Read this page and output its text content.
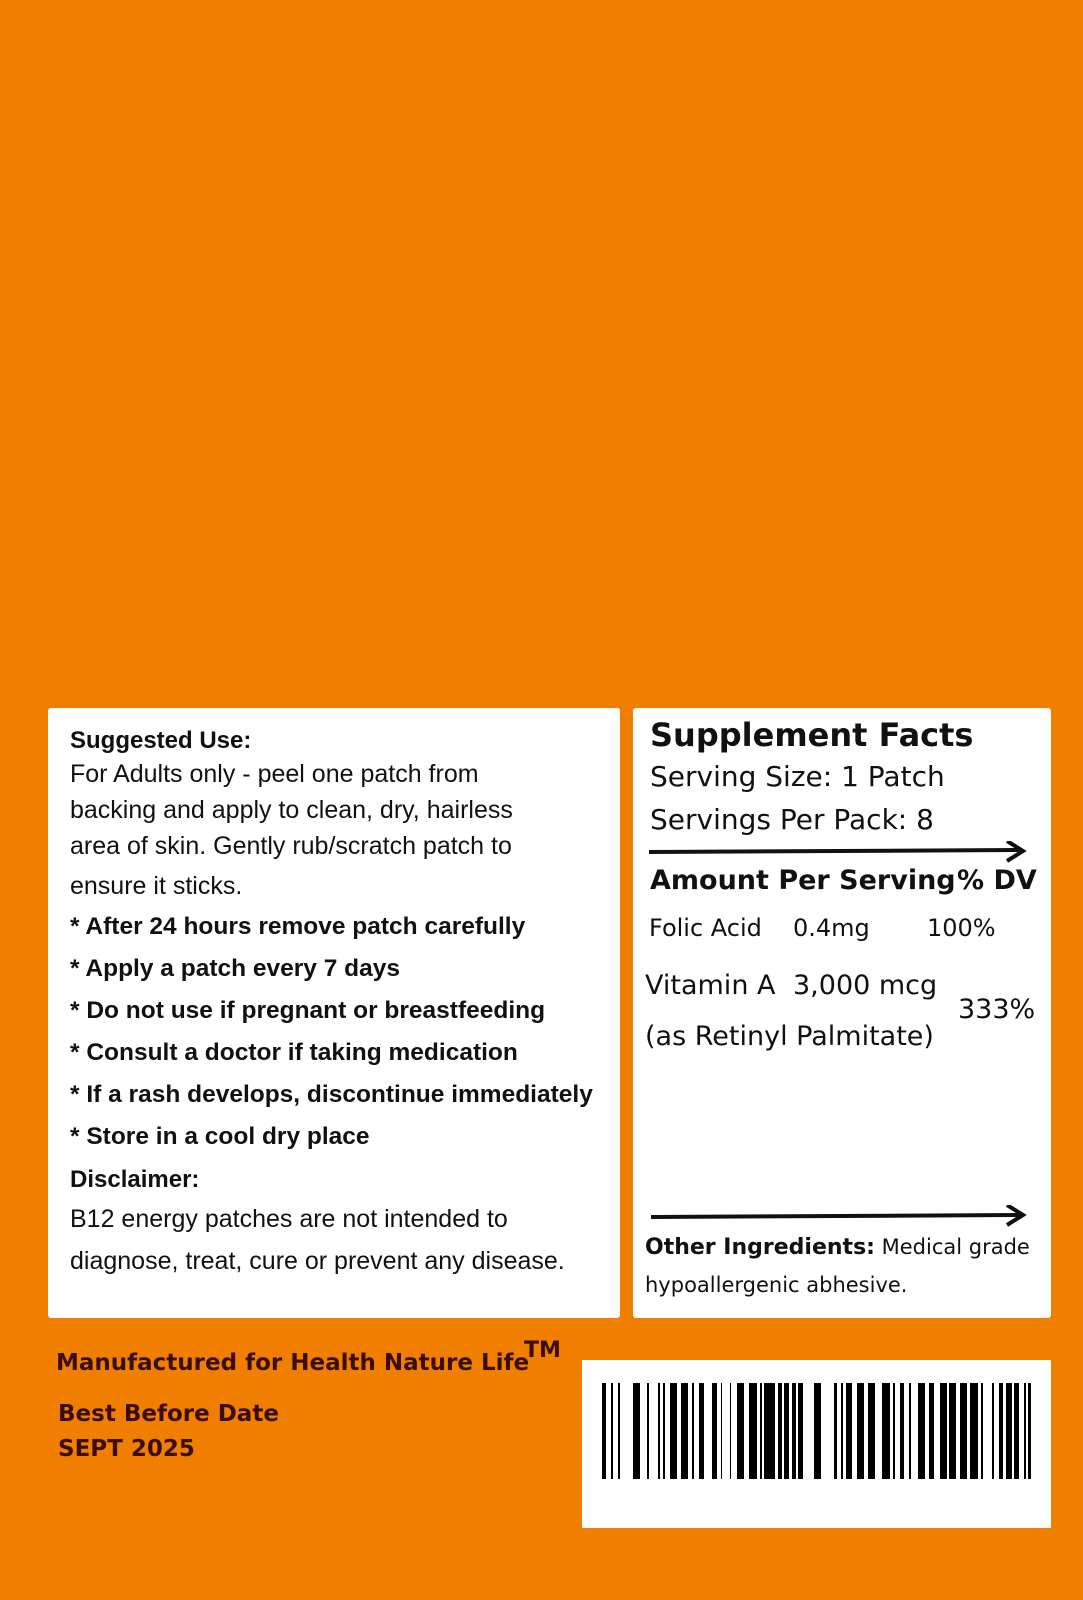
Suggested Use:
For Adults only - peel one patch from
backing and apply to clean, dry, hairless
area of skin. Gently rub/scratch patch to
ensure it sticks.
* After 24 hours remove patch carefully
* Apply a patch every 7 days
* Do not use if pregnant or breastfeeding
* Consult a doctor if taking medication
* If a rash develops, discontinue immediately
* Store in a cool dry place
Disclaimer:
B12 energy patches are not intended to
diagnose, treat, cure or prevent any disease.
Supplement Facts
Serving Size: 1 Patch
Servings Per Pack: 8
Amount Per Serving % DV
Folic Acid 0.4mg 100%
Vitamin A 3,000 mcg
(as Retinyl Palmitate)
333%
Other Ingredients: Medical grade
hypoallergenic abhesive.
Manufactured for Health Nature Life
TM
Best Before Date
SEPT 2025
